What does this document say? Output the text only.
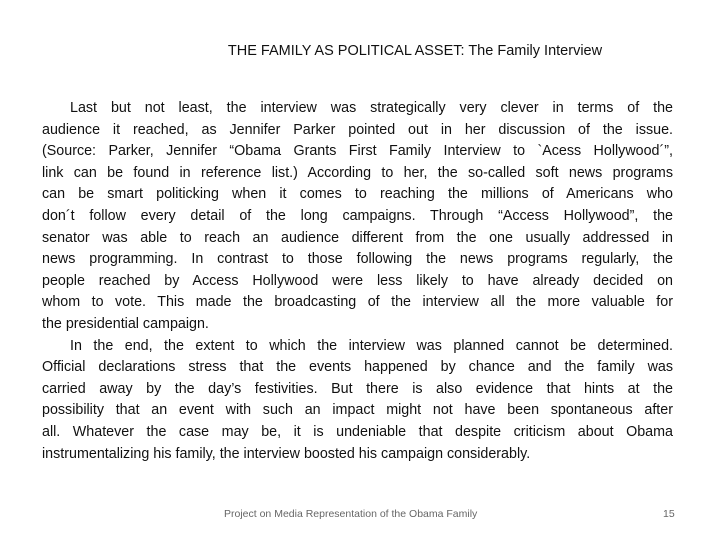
THE FAMILY AS POLITICAL ASSET: The Family Interview
Last but not least, the interview was strategically very clever in terms of the
audience it reached, as Jennifer Parker pointed out in her discussion of the issue.
(Source: Parker, Jennifer “Obama Grants First Family Interview to `Acess Hollywood´”,
link can be found in reference list.) According to her, the so-called soft news programs
can be smart politicking when it comes to reaching the millions of Americans who
don´t follow every detail of the long campaigns. Through “Access Hollywood”, the
senator was able to reach an audience different from the one usually addressed in
news programming. In contrast to those following the news programs regularly, the
people reached by Access Hollywood were less likely to have already decided on
whom to vote. This made the broadcasting of the interview all the more valuable for
the presidential campaign.
In the end, the extent to which the interview was planned cannot be determined.
Official declarations stress that the events happened by chance and the family was
carried away by the day’s festivities. But there is also evidence that hints at the
possibility that an event with such an impact might not have been spontaneous after
all. Whatever the case may be, it is undeniable that despite criticism about Obama
instrumentalizing his family, the interview boosted his campaign considerably.
Project on Media Representation of the Obama Family	15
